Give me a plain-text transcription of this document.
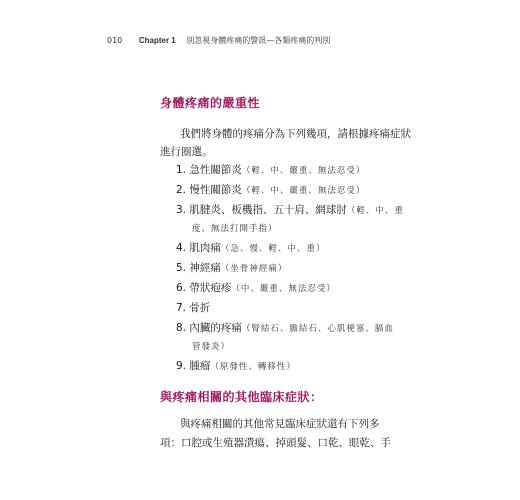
010 Chapter 1 別忽視身體疼痛的警訊—各類疼痛的判別
身體疼痛的嚴重性
我們將身體的疼痛分為下列幾項，請根據疼痛症狀
進行圈選。
1. 急性關節炎（輕、中、嚴重、無法忍受）
2. 慢性關節炎（輕、中、嚴重、無法忍受）
3. 肌腱炎、板機指、五十肩、網球肘（輕、中、重
度、無法打開手指）
4. 肌肉痛（急、慢、輕、中、重）
5. 神經痛（坐骨神經痛）
6. 帶狀疱疹（中、嚴重、無法忍受）
7. 骨折
8. 內臟的疼痛（腎結石、膽結石、心肌梗塞、膈血
管發炎）
9. 腫瘤（原發性、轉移性）
與疼痛相關的其他臨床症狀：
與疼痛相關的其他常見臨床症狀還有下列多
項：口腔或生殖器潰瘍、掉頭髮、口乾、眼乾、手
